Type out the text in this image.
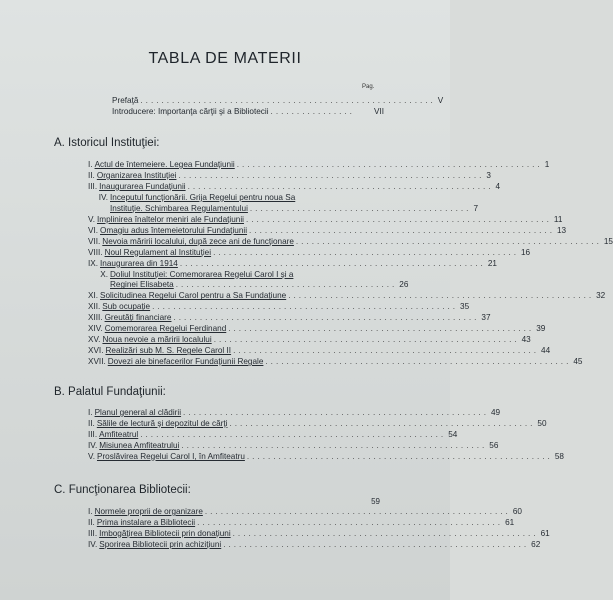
TABLA DE MATERII
Pag.
Prefaţă ........................................................ V
Introducere: Importanţa cărţii şi a Bibliotecii ................	VII
A. Istoricul Instituţiei:
I. Actul de întemeiere. Legea Fundaţiunii .......................................................... 1
II. Organizarea Instituţiei .......................................................... 3
III. Inaugurarea Fundaţiunii .......................................................... 4
IV. Inceputul funcţionării. Grija Regelui pentru noua Sa
Instituţie. Schimbarea Regulamentului .......................................... 7
V. Implinirea înaltelor meniri ale Fundaţiunii .......................................................... 11
VI. Omagiu adus întemeietorului Fundaţiunii .......................................................... 13
VII. Nevoia măririi localului, după zece ani de funcţionare .......................................................... 15
VIII. Noul Regulament al Instituţiei .......................................................... 16
IX. Inaugurarea din 1914 .......................................................... 21
X. Doliul Instituţiei: Comemorarea Regelui Carol I şi a
Reginei Elisabeta .......................................... 26
XI. Solicitudinea Regelui Carol pentru a Sa Fundaţiune .......................................................... 32
XII. Sub ocupaţie .......................................................... 35
XIII. Greutăţi financiare .......................................................... 37
XIV. Comemorarea Regelui Ferdinand .......................................................... 39
XV. Noua nevoie a măririi localului .......................................................... 43
XVI. Realizări sub M. S. Regele Carol II .......................................................... 44
XVII. Dovezi ale binefacerilor Fundaţiunii Regale .......................................................... 45
B. Palatul Fundaţiunii:
I. Planul general al clădirii .......................................................... 49
II. Sălile de lectură şi depozitul de cărţi .......................................................... 50
III. Amfiteatrul .......................................................... 54
IV. Misiunea Amfiteatrului .......................................................... 56
V. Proslăvirea Regelui Carol I, în Amfiteatru .......................................................... 58
C. Funcţionarea Bibliotecii:
59
I. Normele proprii de organizare .......................................................... 60
II. Prima instalare a Bibliotecii .......................................................... 61
III. Imbogăţirea Bibliotecii prin donaţiuni .......................................................... 61
IV. Sporirea Bibliotecii prin achiziţiuni .......................................................... 62
